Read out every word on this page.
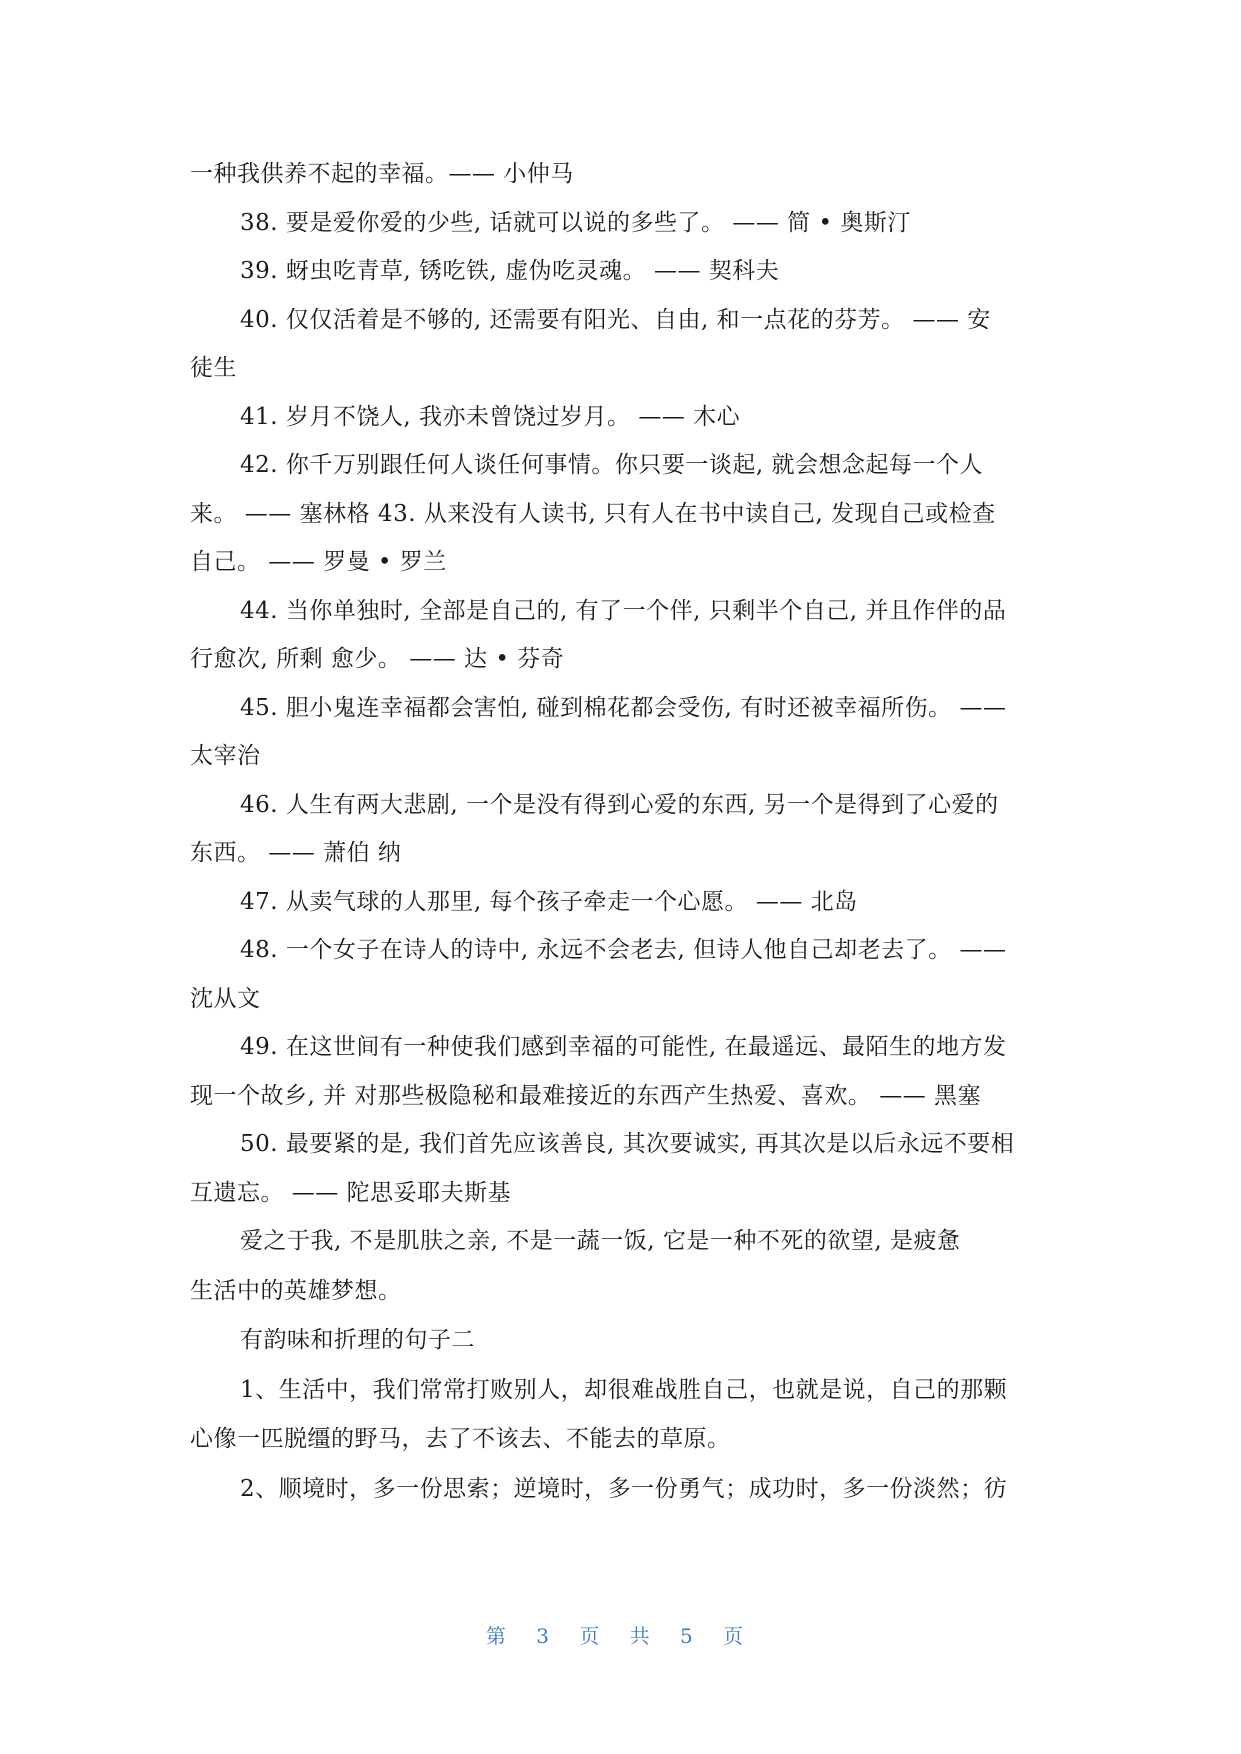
一种我供养不起的幸福。—— 小仲马
38. 要是爱你爱的少些, 话就可以说的多些了。 —— 简 • 奥斯汀
39. 蚜虫吃青草, 锈吃铁, 虚伪吃灵魂。 —— 契科夫
40. 仅仅活着是不够的, 还需要有阳光、自由, 和一点花的芬芳。 —— 安
徒生
41. 岁月不饶人, 我亦未曾饶过岁月。 —— 木心
42. 你千万别跟任何人谈任何事情。你只要一谈起, 就会想念起每一个人
来。 —— 塞林格 43. 从来没有人读书, 只有人在书中读自己, 发现自己或检查
自己。 —— 罗曼 • 罗兰
44. 当你单独时, 全部是自己的, 有了一个伴, 只剩半个自己, 并且作伴的品
行愈次, 所剩 愈少。 —— 达 • 芬奇
45. 胆小鬼连幸福都会害怕, 碰到棉花都会受伤, 有时还被幸福所伤。 ——
太宰治
46. 人生有两大悲剧, 一个是没有得到心爱的东西, 另一个是得到了心爱的
东西。 —— 萧伯 纳
47. 从卖气球的人那里, 每个孩子牵走一个心愿。 —— 北岛
48. 一个女子在诗人的诗中, 永远不会老去, 但诗人他自己却老去了。 ——
沈从文
49. 在这世间有一种使我们感到幸福的可能性, 在最遥远、最陌生的地方发
现一个故乡, 并 对那些极隐秘和最难接近的东西产生热爱、喜欢。 —— 黑塞
50. 最要紧的是, 我们首先应该善良, 其次要诚实, 再其次是以后永远不要相
互遗忘。 —— 陀思妥耶夫斯基
爱之于我, 不是肌肤之亲, 不是一蔬一饭, 它是一种不死的欲望, 是疲惫
生活中的英雄梦想。
有韵味和折理的句子二
1、生活中，我们常常打败别人，却很难战胜自己，也就是说，自己的那颗
心像一匹脱缰的野马，去了不该去、不能去的草原。
2、顺境时，多一份思索；逆境时，多一份勇气；成功时，多一份淡然；彷
第 3 页 共 5 页
